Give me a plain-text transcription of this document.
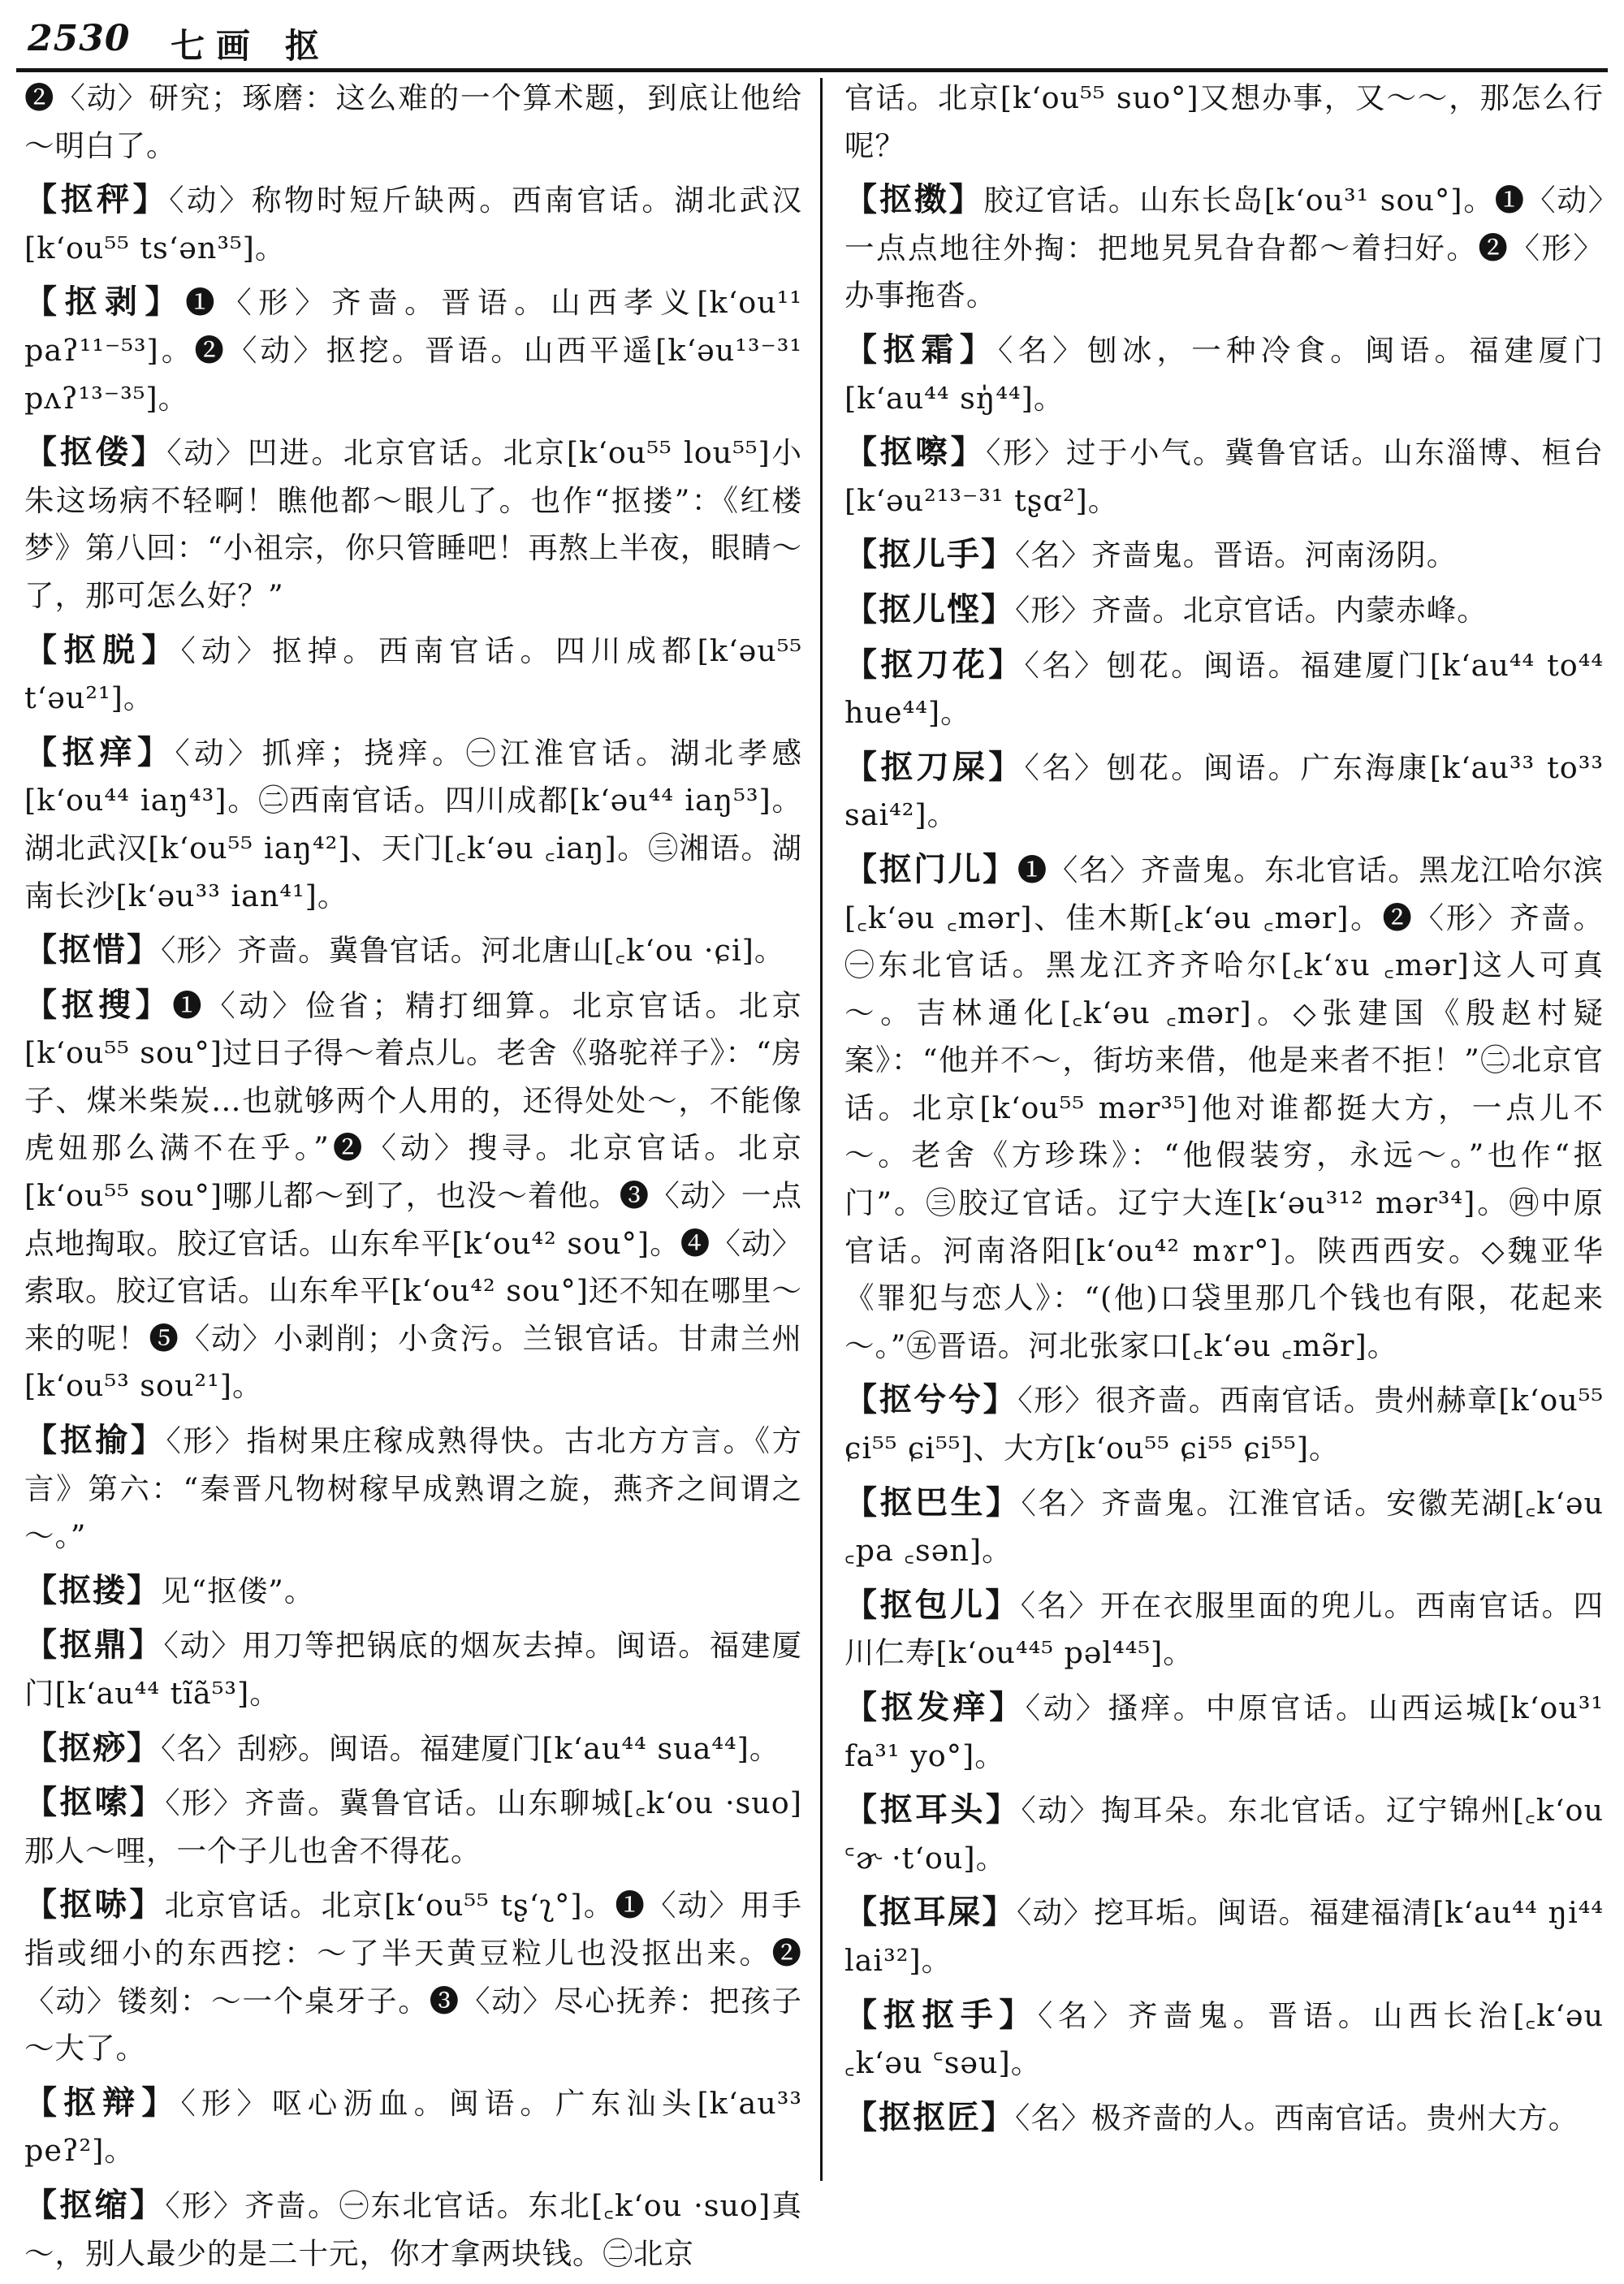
2530 七画 抠

❷〈动〉研究；琢磨：这么难的一个算术题，到底让他给～明白了。

【抠秤】〈动〉称物时短斤缺两。西南官话。湖北武汉[kʻou⁵⁵ tsʻən³⁵]。

【抠剥】❶〈形〉齐啬。晋语。山西孝义[kʻou¹¹ paʔ¹¹⁻⁵³]。❷〈动〉抠挖。晋语。山西平遥[kʻəu¹³⁻³¹ pʌʔ¹³⁻³⁵]。

【抠偻】〈动〉凹进。北京官话。北京[kʻou⁵⁵ lou⁵⁵]小朱这场病不轻啊！瞧他都～眼儿了。也作“抠搂”：《红楼梦》第八回：“小祖宗，你只管睡吧！再熬上半夜，眼睛～了，那可怎么好？”

【抠脱】〈动〉抠掉。西南官话。四川成都[kʻəu⁵⁵ tʻəu²¹]。

【抠痒】〈动〉抓痒；挠痒。㊀江淮官话。湖北孝感[kʻou⁴⁴ iaŋ⁴³]。㊁西南官话。四川成都[kʻəu⁴⁴ iaŋ⁵³]。湖北武汉[kʻou⁵⁵ iaŋ⁴²]、天门[꜀kʻəu ꜀iaŋ]。㊂湘语。湖南长沙[kʻəu³³ ian⁴¹]。

【抠惜】〈形〉齐啬。冀鲁官话。河北唐山[꜀kʻou ·ɕi]。

【抠搜】❶〈动〉俭省；精打细算。北京官话。北京[kʻou⁵⁵ sou°]过日子得～着点儿。老舍《骆驼祥子》：“房子、煤米柴炭…也就够两个人用的，还得处处～，不能像虎妞那么满不在乎。”❷〈动〉搜寻。北京官话。北京[kʻou⁵⁵ sou°]哪儿都～到了，也没～着他。❸〈动〉一点点地掏取。胶辽官话。山东牟平[kʻou⁴² sou°]。❹〈动〉索取。胶辽官话。山东牟平[kʻou⁴² sou°]还不知在哪里～来的呢！❺〈动〉小剥削；小贪污。兰银官话。甘肃兰州[kʻou⁵³ sou²¹]。

【抠揄】〈形〉指树果庄稼成熟得快。古北方方言。《方言》第六：“秦晋凡物树稼早成熟谓之旋，燕齐之间谓之～。”

【抠搂】见“抠偻”。

【抠鼎】〈动〉用刀等把锅底的烟灰去掉。闽语。福建厦门[kʻau⁴⁴ tĩã⁵³]。

【抠痧】〈名〉刮痧。闽语。福建厦门[kʻau⁴⁴ sua⁴⁴]。

【抠嗦】〈形〉齐啬。冀鲁官话。山东聊城[꜀kʻou ·suo]那人～哩，一个子儿也舍不得花。

【抠哧】北京官话。北京[kʻou⁵⁵ tʂʻʅ°]。❶〈动〉用手指或细小的东西挖：～了半天黄豆粒儿也没抠出来。❷〈动〉镂刻：～一个桌牙子。❸〈动〉尽心抚养：把孩子～大了。

【抠辩】〈形〉呕心沥血。闽语。广东汕头[kʻau³³ peʔ²]。

【抠缩】〈形〉齐啬。㊀东北官话。东北[꜀kʻou ·suo]真～，别人最少的是二十元，你才拿两块钱。㊁北京

官话。北京[kʻou⁵⁵ suo°]又想办事，又～～，那怎么行呢？

【抠擞】胶辽官话。山东长岛[kʻou³¹ sou°]。❶〈动〉一点点地往外掏：把地旯旯旮旮都～着扫好。❷〈形〉办事拖沓。

【抠霜】〈名〉刨冰，一种冷食。闽语。福建厦门[kʻau⁴⁴ sŋ̍⁴⁴]。

【抠嚓】〈形〉过于小气。冀鲁官话。山东淄博、桓台[kʻəu²¹³⁻³¹ tʂɑ²]。

【抠儿手】〈名〉齐啬鬼。晋语。河南汤阴。

【抠儿悭】〈形〉齐啬。北京官话。内蒙赤峰。

【抠刀花】〈名〉刨花。闽语。福建厦门[kʻau⁴⁴ to⁴⁴ hue⁴⁴]。

【抠刀屎】〈名〉刨花。闽语。广东海康[kʻau³³ to³³ sai⁴²]。

【抠门儿】❶〈名〉齐啬鬼。东北官话。黑龙江哈尔滨[꜀kʻəu ꜀mər]、佳木斯[꜀kʻəu ꜀mər]。❷〈形〉齐啬。㊀东北官话。黑龙江齐齐哈尔[꜀kʻɤu ꜀mər]这人可真～。吉林通化[꜀kʻəu ꜀mər]。◇张建国《殷赵村疑案》：“他并不～，街坊来借，他是来者不拒！”㊁北京官话。北京[kʻou⁵⁵ mər³⁵]他对谁都挺大方，一点儿不～。老舍《方珍珠》：“他假装穷，永远～。”也作“抠门”。㊂胶辽官话。辽宁大连[kʻəu³¹² mər³⁴]。㊃中原官话。河南洛阳[kʻou⁴² mɤr°]。陕西西安。◇魏亚华《罪犯与恋人》：“(他)口袋里那几个钱也有限，花起来～。”㊄晋语。河北张家口[꜀kʻəu ꜀mə̃r]。

【抠兮兮】〈形〉很齐啬。西南官话。贵州赫章[kʻou⁵⁵ ɕi⁵⁵ ɕi⁵⁵]、大方[kʻou⁵⁵ ɕi⁵⁵ ɕi⁵⁵]。

【抠巴生】〈名〉齐啬鬼。江淮官话。安徽芜湖[꜀kʻəu ꜀pa ꜀sən]。

【抠包儿】〈名〉开在衣服里面的兜儿。西南官话。四川仁寿[kʻou⁴⁴⁵ pəl⁴⁴⁵]。

【抠发痒】〈动〉搔痒。中原官话。山西运城[kʻou³¹ fa³¹ yo°]。

【抠耳头】〈动〉掏耳朵。东北官话。辽宁锦州[꜀kʻou ꜂ɚ ·tʻou]。

【抠耳屎】〈动〉挖耳垢。闽语。福建福清[kʻau⁴⁴ ŋi⁴⁴ lai³²]。

【抠抠手】〈名〉齐啬鬼。晋语。山西长治[꜀kʻəu ꜀kʻəu ꜂səu]。

【抠抠匠】〈名〉极齐啬的人。西南官话。贵州大方。
